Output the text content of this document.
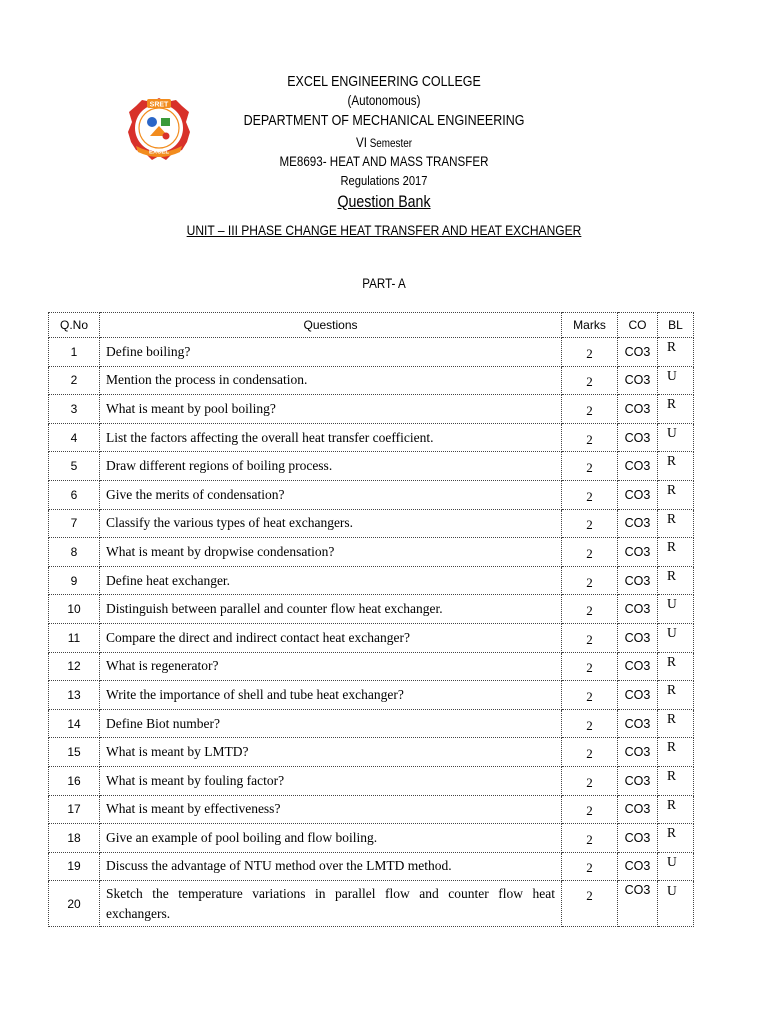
EXCEL ENGINEERING COLLEGE
(Autonomous)
DEPARTMENT OF MECHANICAL ENGINEERING
VI Semester
ME8693- HEAT AND MASS TRANSFER
Regulations 2017
Question Bank
UNIT – III PHASE CHANGE HEAT TRANSFER AND HEAT EXCHANGER
PART- A
SRET
EXCEL
Q.No	Questions	Marks	CO	BL
1	Define boiling?	2	CO3	R
2	Mention the process in condensation.	2	CO3	U
3	What is meant by pool boiling?	2	CO3	R
4	List the factors affecting the overall heat transfer coefficient.	2	CO3	U
5	Draw different regions of boiling process.	2	CO3	R
6	Give the merits of condensation?	2	CO3	R
7	Classify the various types of heat exchangers.	2	CO3	R
8	What is meant by dropwise condensation?	2	CO3	R
9	Define heat exchanger.	2	CO3	R
10	Distinguish between parallel and counter flow heat exchanger.	2	CO3	U
11	Compare the direct and indirect contact heat exchanger?	2	CO3	U
12	What is regenerator?	2	CO3	R
13	Write the importance of shell and tube heat exchanger?	2	CO3	R
14	Define Biot number?	2	CO3	R
15	What is meant by LMTD?	2	CO3	R
16	What is meant by fouling factor?	2	CO3	R
17	What is meant by effectiveness?	2	CO3	R
18	Give an example of pool boiling and flow boiling.	2	CO3	R
19	Discuss the advantage of NTU method over the LMTD method.	2	CO3	U
20	Sketch the temperature variations in parallel flow and counter flow heat exchangers.	2	CO3	U
